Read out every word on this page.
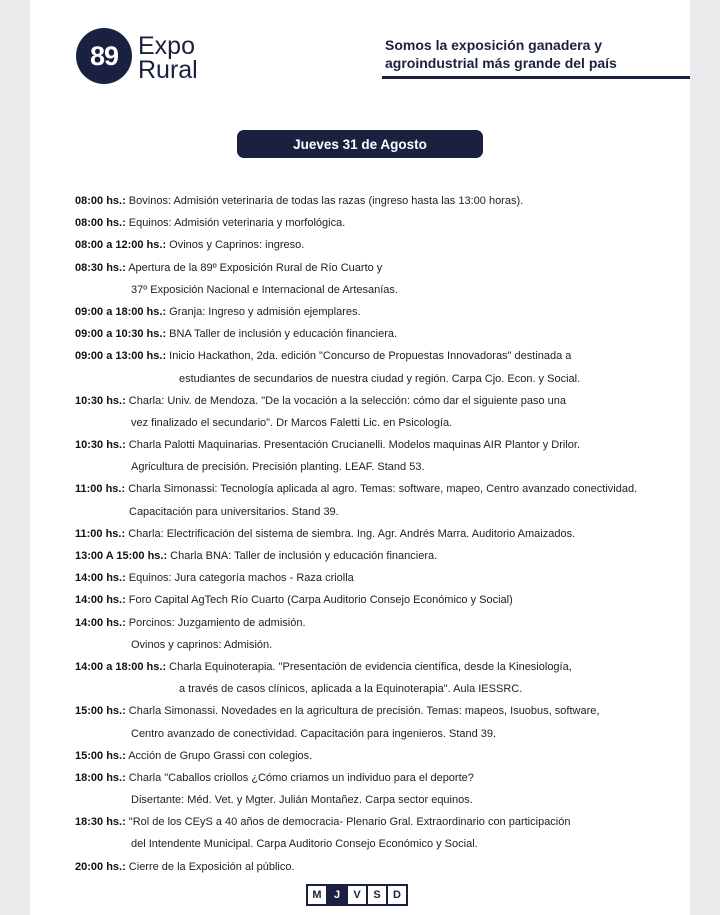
89 Expo
Rural
Somos la exposición ganadera y
agroindustrial más grande del país
Jueves 31 de Agosto
08:00 hs.: Bovinos: Admisión veterinaria de todas las razas (ingreso hasta las 13:00 horas).
08:00 hs.: Equinos: Admisión veterinaria y morfológica.
08:00 a 12:00 hs.: Ovinos y Caprinos: ingreso.
08:30 hs.: Apertura de la 89º Exposición Rural de Río Cuarto y
37º Exposición Nacional e Internacional de Artesanías.
09:00 a 18:00 hs.: Granja: Ingreso y admisión ejemplares.
09:00 a 10:30 hs.: BNA Taller de inclusión y educación financiera.
09:00 a 13:00 hs.: Inicio Hackathon, 2da. edición "Concurso de Propuestas Innovadoras" destinada a
estudiantes de secundarios de nuestra ciudad y región. Carpa Cjo. Econ. y Social.
10:30 hs.: Charla: Univ. de Mendoza. "De la vocación a la selección: cómo dar el siguiente paso una
vez finalizado el secundario". Dr Marcos Faletti Lic. en Psicología.
10:30 hs.: Charla Palotti Maquinarias. Presentación Crucianelli. Modelos maquinas AIR Plantor y Drilor.
Agricultura de precisión. Precisión planting. LEAF. Stand 53.
11:00 hs.: Charla Simonassi: Tecnología aplicada al agro. Temas: software, mapeo, Centro avanzado conectividad.
Capacitación para universitarios. Stand 39.
11:00 hs.: Charla: Electrificación del sistema de siembra. Ing. Agr. Andrés Marra. Auditorio Amaizados.
13:00 A 15:00 hs.: Charla BNA: Taller de inclusión y educación financiera.
14:00 hs.: Equinos: Jura categoría machos - Raza criolla
14:00 hs.: Foro Capital AgTech Río Cuarto (Carpa Auditorio Consejo Económico y Social)
14:00 hs.: Porcinos: Juzgamiento de admisión.
Ovinos y caprinos: Admisión.
14:00 a 18:00 hs.: Charla Equinoterapia. "Presentación de evidencia científica, desde la Kinesiología,
a través de casos clínicos, aplicada a la Equinoterapia". Aula IESSRC.
15:00 hs.: Charla Simonassi. Novedades en la agricultura de precisión. Temas: mapeos, Isuobus, software,
Centro avanzado de conectividad. Capacitación para ingenieros. Stand 39.
15:00 hs.: Acción de Grupo Grassi con colegios.
18:00 hs.: Charla "Caballos criollos ¿Cómo criamos un individuo para el deporte?
Disertante: Méd. Vet. y Mgter. Julián Montañez. Carpa sector equinos.
18:30 hs.: "Rol de los CEyS a 40 años de democracia- Plenario Gral. Extraordinario con participación
del Intendente Municipal. Carpa Auditorio Consejo Económico y Social.
20:00 hs.: Cierre de la Exposición al público.
M	J	V	S	D
